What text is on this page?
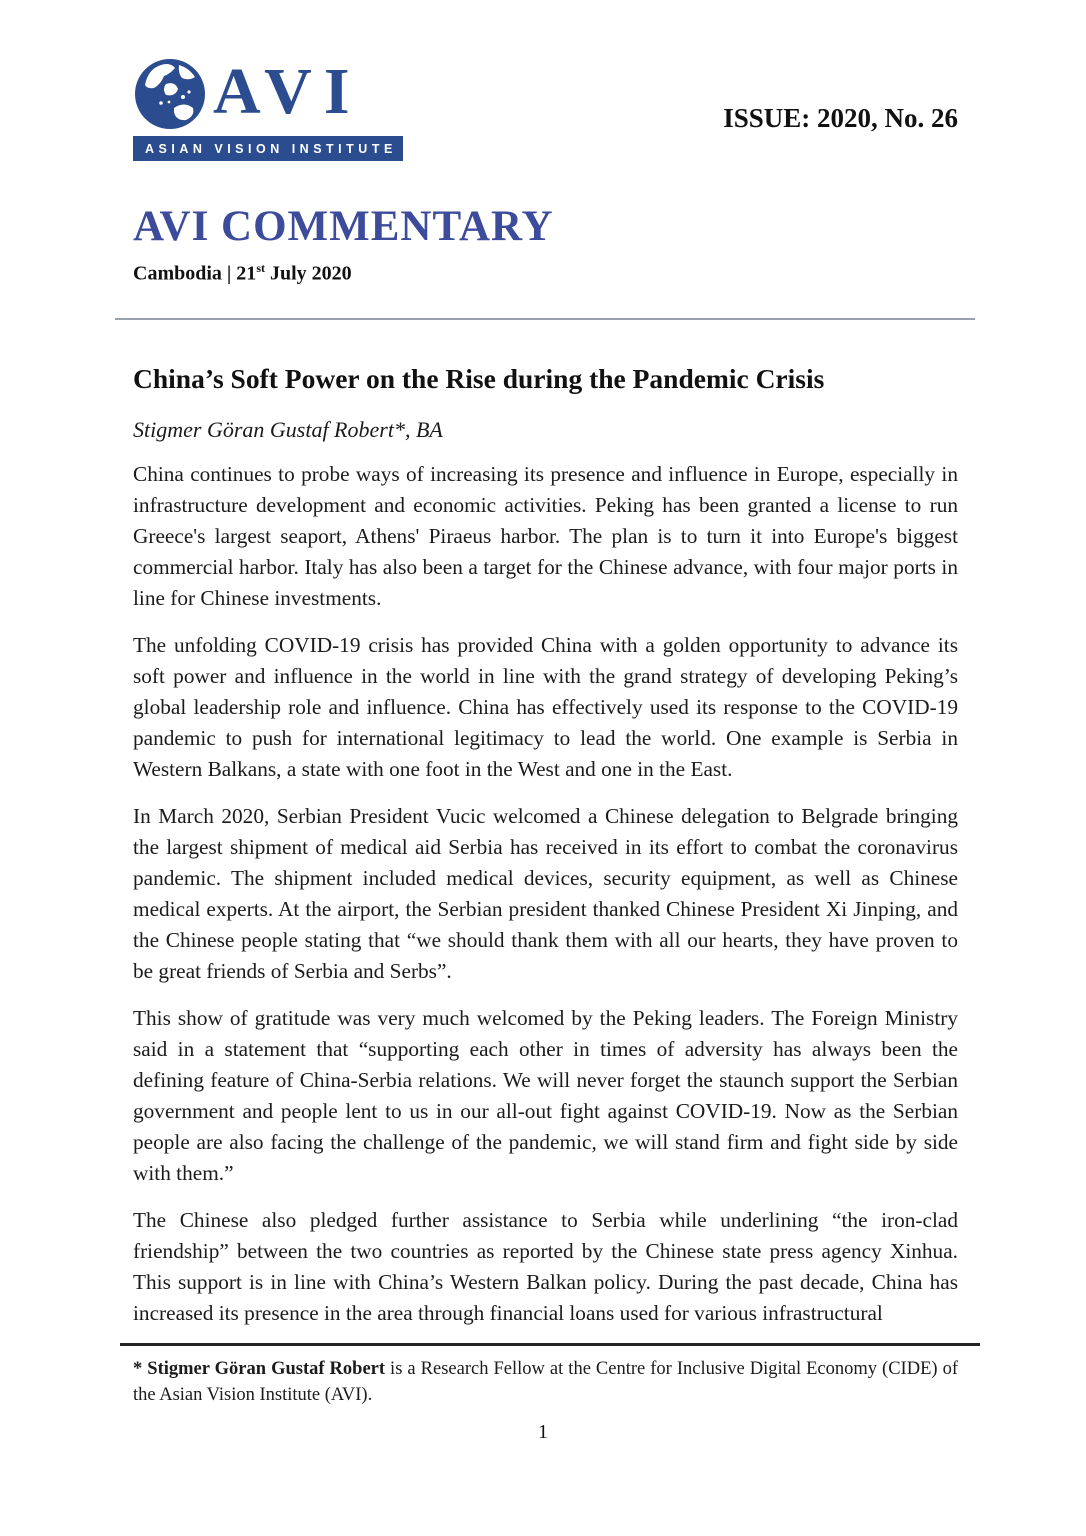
AVI
ASIAN VISION INSTITUTE
ISSUE: 2020, No. 26
AVI COMMENTARY
Cambodia | 21st July 2020
China’s Soft Power on the Rise during the Pandemic Crisis

Stigmer Göran Gustaf Robert*, BA

China continues to probe ways of increasing its presence and influence in Europe, especially in infrastructure development and economic activities. Peking has been granted a license to run Greece's largest seaport, Athens' Piraeus harbor. The plan is to turn it into Europe's biggest commercial harbor. Italy has also been a target for the Chinese advance, with four major ports in line for Chinese investments.

The unfolding COVID-19 crisis has provided China with a golden opportunity to advance its soft power and influence in the world in line with the grand strategy of developing Peking’s global leadership role and influence. China has effectively used its response to the COVID-19 pandemic to push for international legitimacy to lead the world. One example is Serbia in Western Balkans, a state with one foot in the West and one in the East.

In March 2020, Serbian President Vucic welcomed a Chinese delegation to Belgrade bringing the largest shipment of medical aid Serbia has received in its effort to combat the coronavirus pandemic. The shipment included medical devices, security equipment, as well as Chinese medical experts. At the airport, the Serbian president thanked Chinese President Xi Jinping, and the Chinese people stating that “we should thank them with all our hearts, they have proven to be great friends of Serbia and Serbs”.

This show of gratitude was very much welcomed by the Peking leaders. The Foreign Ministry said in a statement that “supporting each other in times of adversity has always been the defining feature of China-Serbia relations. We will never forget the staunch support the Serbian government and people lent to us in our all-out fight against COVID-19. Now as the Serbian people are also facing the challenge of the pandemic, we will stand firm and fight side by side with them.”

The Chinese also pledged further assistance to Serbia while underlining “the iron-clad friendship” between the two countries as reported by the Chinese state press agency Xinhua. This support is in line with China’s Western Balkan policy. During the past decade, China has increased its presence in the area through financial loans used for various infrastructural

* Stigmer Göran Gustaf Robert is a Research Fellow at the Centre for Inclusive Digital Economy (CIDE) of the Asian Vision Institute (AVI).

1
